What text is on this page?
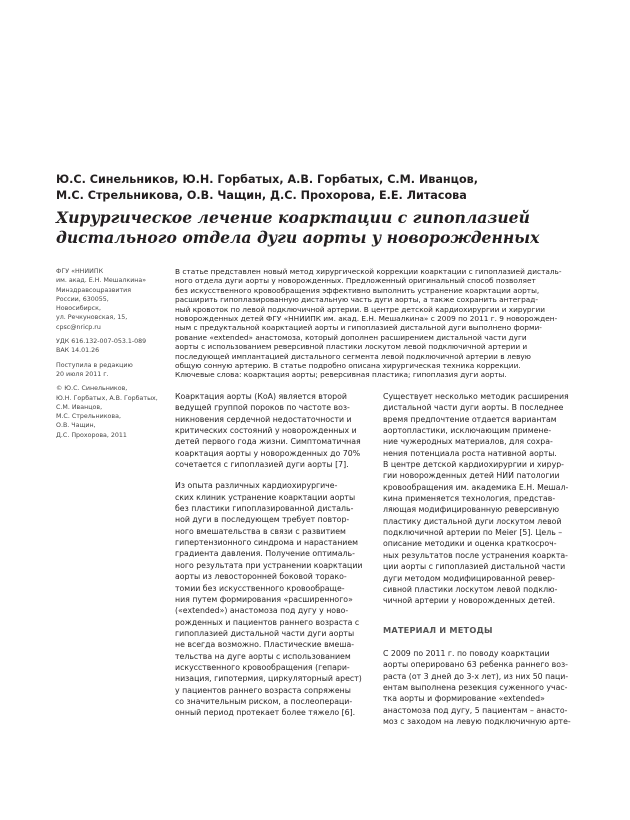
Ю.С. Синельников, Ю.Н. Горбатых, А.В. Горбатых, С.М. Иванцов,
М.С. Стрельникова, О.В. Чащин, Д.С. Прохорова, Е.Е. Литасова
Хирургическое лечение коарктации с гипоплазией
дистального отдела дуги аорты у новорожденных
ФГУ «ННИИПК
им. акад. Е.Н. Мешалкина»
Минздравсоцразвития
России, 630055,
Новосибирск,
ул. Речкуновская, 15,
cpsc@nricp.ru
УДК 616.132-007-053.1-089
ВАК 14.01.26
Поступила в редакцию
20 июля 2011 г.
© Ю.С. Синельников,
Ю.Н. Горбатых, А.В. Горбатых,
С.М. Иванцов,
М.С. Стрельникова,
О.В. Чащин,
Д.С. Прохорова, 2011
В статье представлен новый метод хирургической коррекции коарктации с гипоплазией дисталь-
ного отдела дуги аорты у новорожденных. Предложенный оригинальный способ позволяет
без искусственного кровообращения эффективно выполнить устранение коарктации аорты,
расширить гипоплазированную дистальную часть дуги аорты, а также сохранить антеград-
ный кровоток по левой подключичной артерии. В центре детской кардиохирургии и хирургии
новорожденных детей ФГУ «ННИИПК им. акад. Е.Н. Мешалкина» с 2009 по 2011 г. 9 новорожден-
ным с предуктальной коарктацией аорты и гипоплазией дистальной дуги выполнено форми-
рование «extended» анастомоза, который дополнен расширением дистальной части дуги
аорты с использованием реверсивной пластики лоскутом левой подключичной артерии и
последующей имплантацией дистального сегмента левой подключичной артерии в левую
общую сонную артерию. В статье подробно описана хирургическая техника коррекции.
Ключевые слова: коарктация аорты; реверсивная пластика; гипоплазия дуги аорты.

Коарктация аорты (КоА) является второй
ведущей группой пороков по частоте воз-
никновения сердечной недостаточности и
критических состояний у новорожденных и
детей первого года жизни. Симптоматичная
коарктация аорты у новорожденных до 70%
сочетается с гипоплазией дуги аорты [7].

Из опыта различных кардиохирургиче-
ских клиник устранение коарктации аорты
без пластики гипоплазированной дисталь-
ной дуги в последующем требует повтор-
ного вмешательства в связи с развитием
гипертензионного синдрома и нарастанием
градиента давления. Получение оптималь-
ного результата при устранении коарктации
аорты из левосторонней боковой торако-
томии без искусственного кровообраще-
ния путем формирования «расширенного»
(«extended») анастомоза под дугу у ново-
рожденных и пациентов раннего возраста с
гипоплазией дистальной части дуги аорты
не всегда возможно. Пластические вмеша-
тельства на дуге аорты с использованием
искусственного кровообращения (гепари-
низация, гипотермия, циркуляторный арест)
у пациентов раннего возраста сопряжены
со значительным риском, а послеопераци-
онный период протекает более тяжело [6].

Существует несколько методик расширения
дистальной части дуги аорты. В последнее
время предпочтение отдается вариантам
аортопластики, исключающим примене-
ние чужеродных материалов, для сохра-
нения потенциала роста нативной аорты.
В центре детской кардиохирургии и хирур-
гии новорожденных детей НИИ патологии
кровообращения им. академика Е.Н. Мешал-
кина применяется технология, представ-
ляющая модифицированную реверсивную
пластику дистальной дуги лоскутом левой
подключичной артерии по Meier [5]. Цель –
описание методики и оценка краткосроч-
ных результатов после устранения коаркта-
ции аорты с гипоплазией дистальной части
дуги методом модифицированной ревер-
сивной пластики лоскутом левой подклю-
чичной артерии у новорожденных детей.

МАТЕРИАЛ И МЕТОДЫ

С 2009 по 2011 г. по поводу коарктации
аорты оперировано 63 ребенка раннего воз-
раста (от 3 дней до 3-х лет), из них 50 паци-
ентам выполнена резекция суженного учас-
тка аорты и формирование «extended»
анастомоза под дугу, 5 пациентам – анасто-
моз с заходом на левую подключичную арте-
